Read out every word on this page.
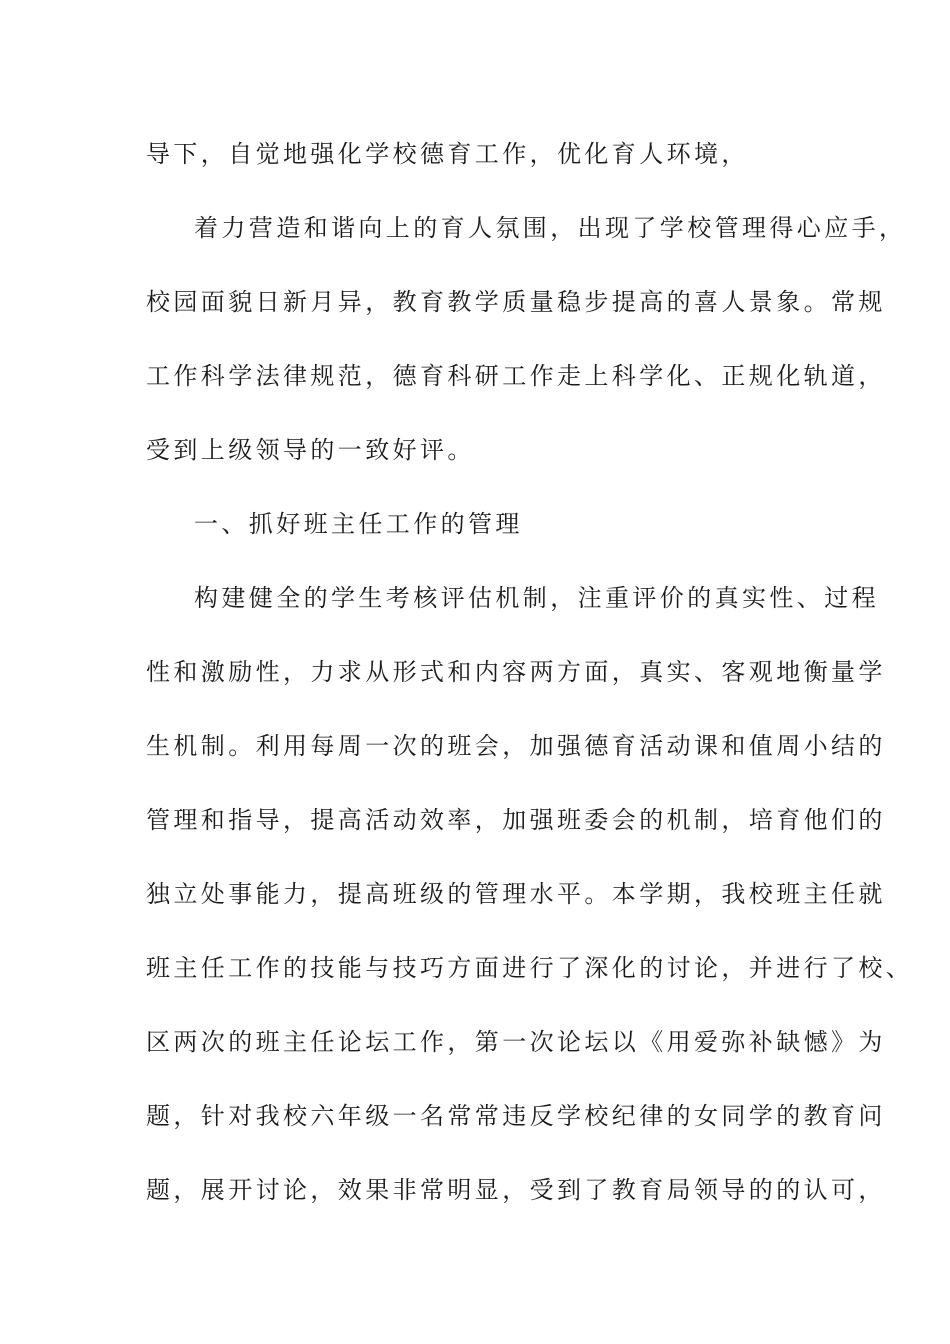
导下，自觉地强化学校德育工作，优化育人环境，
着力营造和谐向上的育人氛围，出现了学校管理得心应手，
校园面貌日新月异，教育教学质量稳步提高的喜人景象。常规
工作科学法律规范，德育科研工作走上科学化、正规化轨道，
受到上级领导的一致好评。
一、抓好班主任工作的管理
构建健全的学生考核评估机制，注重评价的真实性、过程
性和激励性，力求从形式和内容两方面，真实、客观地衡量学
生机制。利用每周一次的班会，加强德育活动课和值周小结的
管理和指导，提高活动效率，加强班委会的机制，培育他们的
独立处事能力，提高班级的管理水平。本学期，我校班主任就
班主任工作的技能与技巧方面进行了深化的讨论，并进行了校、
区两次的班主任论坛工作，第一次论坛以《用爱弥补缺憾》为
题，针对我校六年级一名常常违反学校纪律的女同学的教育问
题，展开讨论，效果非常明显，受到了教育局领导的的认可，
